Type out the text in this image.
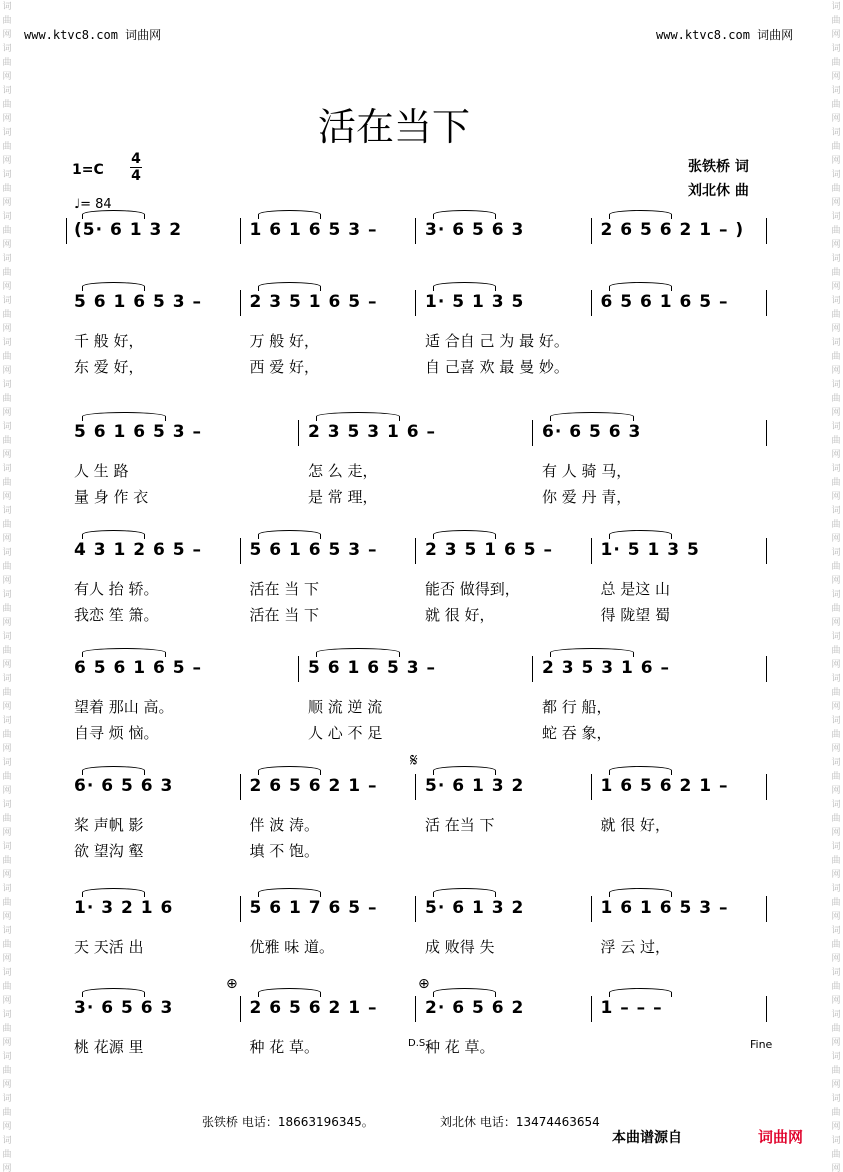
词曲网词曲网词曲网词曲网词曲网词曲网词曲网词曲网词曲网词曲网词曲网词曲网词曲网词曲网词曲网词曲网词曲网词曲网词曲网词曲网词曲网词曲网词曲网词曲网词曲网词曲网词曲网词曲网
词曲网词曲网词曲网词曲网词曲网词曲网词曲网词曲网词曲网词曲网词曲网词曲网词曲网词曲网词曲网词曲网词曲网词曲网词曲网词曲网词曲网词曲网词曲网词曲网词曲网词曲网词曲网词曲网
www.ktvc8.com 词曲网	www.ktvc8.com 词曲网
活在当下
1=C
4
4
♩= 84
张铁桥 词
刘北休 曲
(5· 6 1 3 2	1 6 1 6 5 3 –	3· 6 5 6 3	2 6 5 6 2 1 – )
5 6 1 6 5 3 –
千 般 好，
东 爱 好，
2 3 5 1 6 5 –
万 般 好，
西 爱 好，
1· 5 1 3 5
适 合自 己 为 最 好。
自 己喜 欢 最 曼 妙。
6 5 6 1 6 5 –
5 6 1 6 5 3 –
人 生 路
量 身 作 衣
2 3 5 3 1 6 –
怎 么 走，
是 常 理，
6· 6 5 6 3
有 人 骑 马，
你 爱 丹 青，
4 3 1 2 6 5 –
有人 抬 轿。
我恋 笙 箫。
5 6 1 6 5 3 –
活在 当 下
活在 当 下
2 3 5 1 6 5 –
能否 做得到，
就 很 好，
1· 5 1 3 5
总 是这 山
得 陇望 蜀
6 5 6 1 6 5 –
望着 那山 高。
自寻 烦 恼。
5 6 1 6 5 3 –
顺 流 逆 流
人 心 不 足
2 3 5 3 1 6 –
都 行 船，
蛇 吞 象，
6· 6 5 6 3
桨 声帆 影
欲 望沟 壑
2 6 5 6 2 1 –
伴 波 涛。
填 不 饱。
5· 6 1 3 2
活 在当 下
1 6 5 6 2 1 –
就 很 好，
𝄋
1· 3 2 1 6
天 天活 出
5 6 1 7 6 5 –
优雅 味 道。
5· 6 1 3 2
成 败得 失
1 6 1 6 5 3 –
浮 云 过，
3· 6 5 6 3
桃 花源 里
2 6 5 6 2 1 –
种 花 草。
2· 6 5 6 2
种 花 草。
1 – – –
⊕	⊕
D.S.	Fine
张铁桥 电话：18663196345。	刘北休 电话：13474463654
本曲谱源自	词曲网
